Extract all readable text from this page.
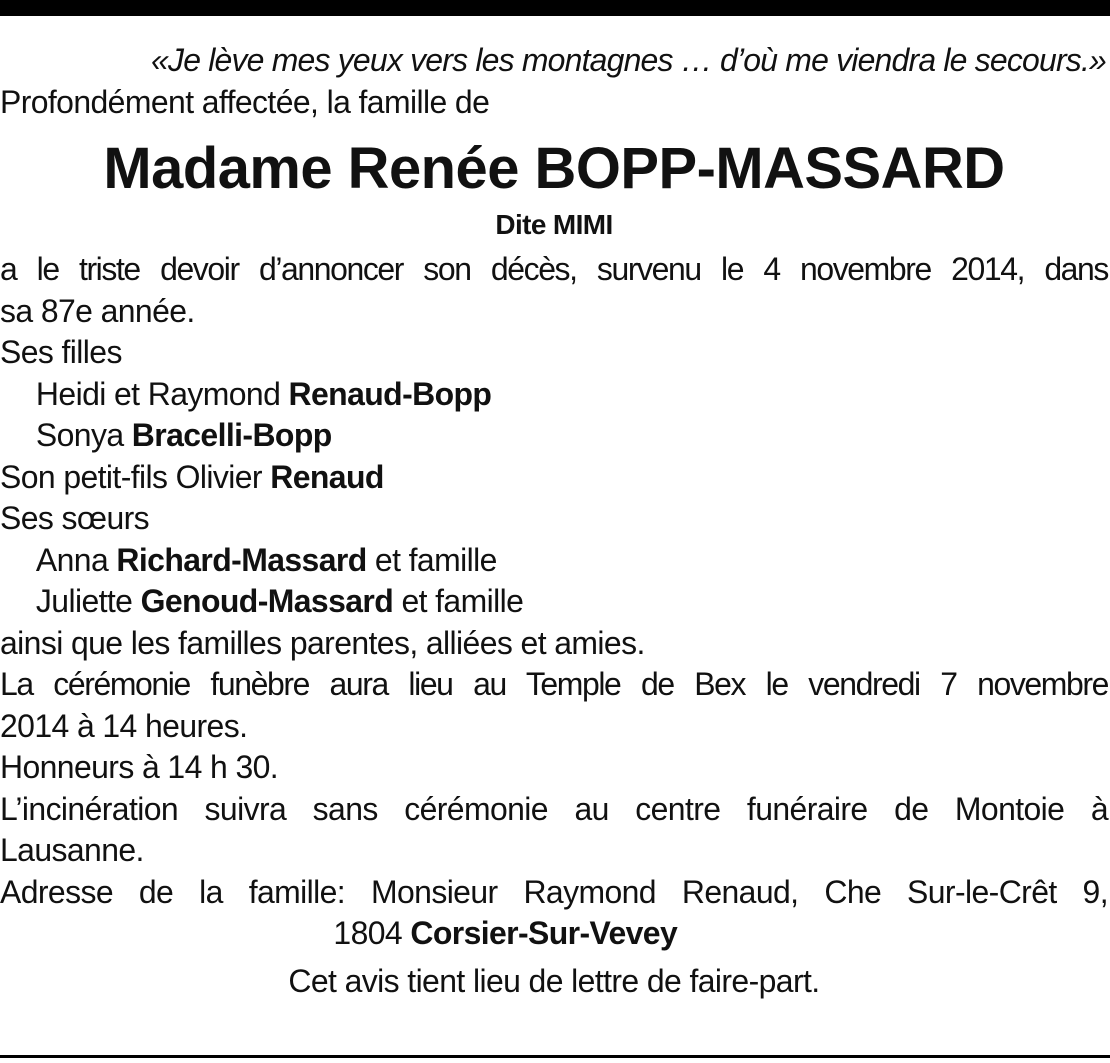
«Je lève mes yeux vers les montagnes … d’où me viendra le secours.»
Profondément affectée, la famille de
Madame Renée BOPP-MASSARD
Dite MIMI
a le triste devoir d’annoncer son décès, survenu le 4 novembre 2014, dans
sa 87e année.
Ses filles
Heidi et Raymond Renaud-Bopp
Sonya Bracelli-Bopp
Son petit-fils Olivier Renaud
Ses sœurs
Anna Richard-Massard et famille
Juliette Genoud-Massard et famille
ainsi que les familles parentes, alliées et amies.
La cérémonie funèbre aura lieu au Temple de Bex le vendredi 7 novembre
2014 à 14 heures.
Honneurs à 14 h 30.
L’incinération suivra sans cérémonie au centre funéraire de Montoie à
Lausanne.
Adresse de la famille: Monsieur Raymond Renaud, Che Sur-le-Crêt 9,
1804 Corsier-Sur-Vevey
Cet avis tient lieu de lettre de faire-part.
